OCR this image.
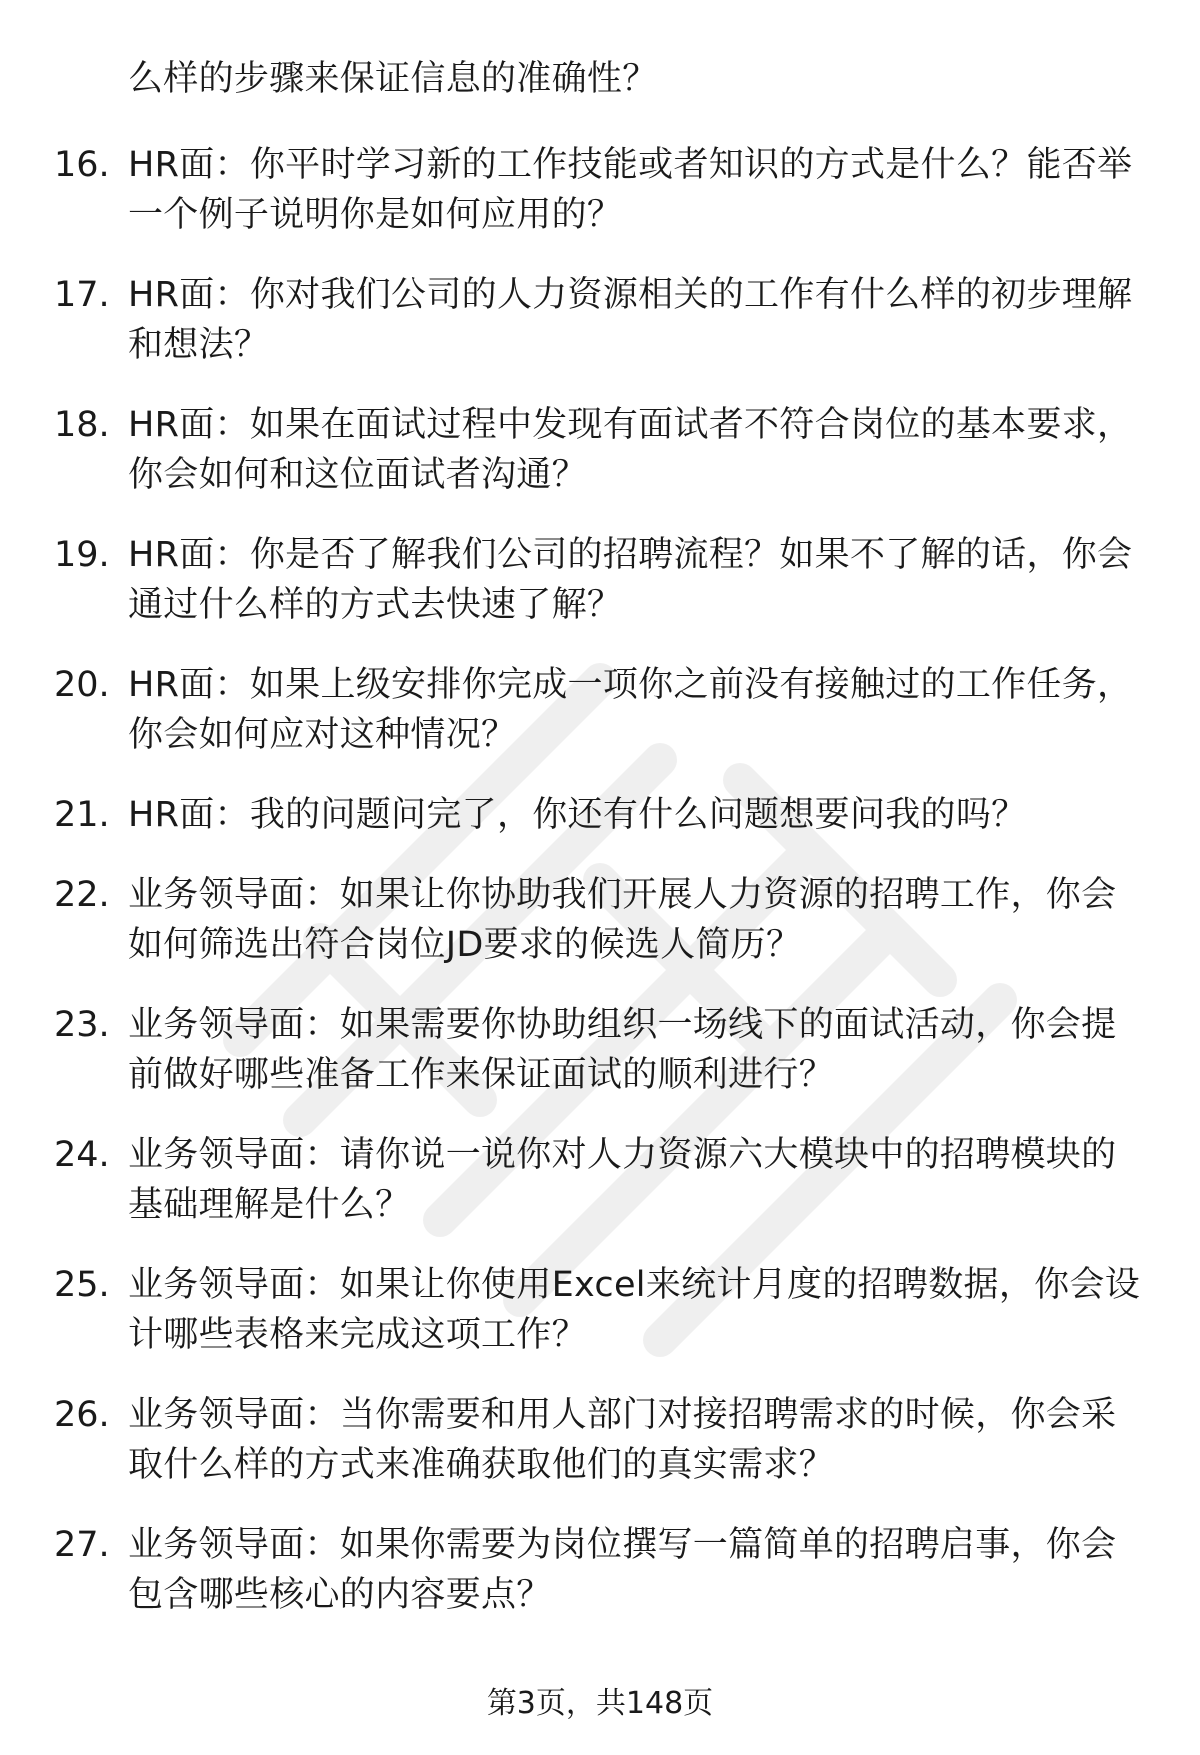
么样的步骤来保证信息的准确性？
16. HR面：你平时学习新的工作技能或者知识的方式是什么？能否举一个例子说明你是如何应用的？
17. HR面：你对我们公司的人力资源相关的工作有什么样的初步理解和想法？
18. HR面：如果在面试过程中发现有面试者不符合岗位的基本要求，你会如何和这位面试者沟通？
19. HR面：你是否了解我们公司的招聘流程？如果不了解的话，你会通过什么样的方式去快速了解？
20. HR面：如果上级安排你完成一项你之前没有接触过的工作任务，你会如何应对这种情况？
21. HR面：我的问题问完了，你还有什么问题想要问我的吗？
22. 业务领导面：如果让你协助我们开展人力资源的招聘工作，你会如何筛选出符合岗位JD要求的候选人简历？
23. 业务领导面：如果需要你协助组织一场线下的面试活动，你会提前做好哪些准备工作来保证面试的顺利进行？
24. 业务领导面：请你说一说你对人力资源六大模块中的招聘模块的基础理解是什么？
25. 业务领导面：如果让你使用Excel来统计月度的招聘数据，你会设计哪些表格来完成这项工作？
26. 业务领导面：当你需要和用人部门对接招聘需求的时候，你会采取什么样的方式来准确获取他们的真实需求？
27. 业务领导面：如果你需要为岗位撰写一篇简单的招聘启事，你会包含哪些核心的内容要点？
第3页，共148页
